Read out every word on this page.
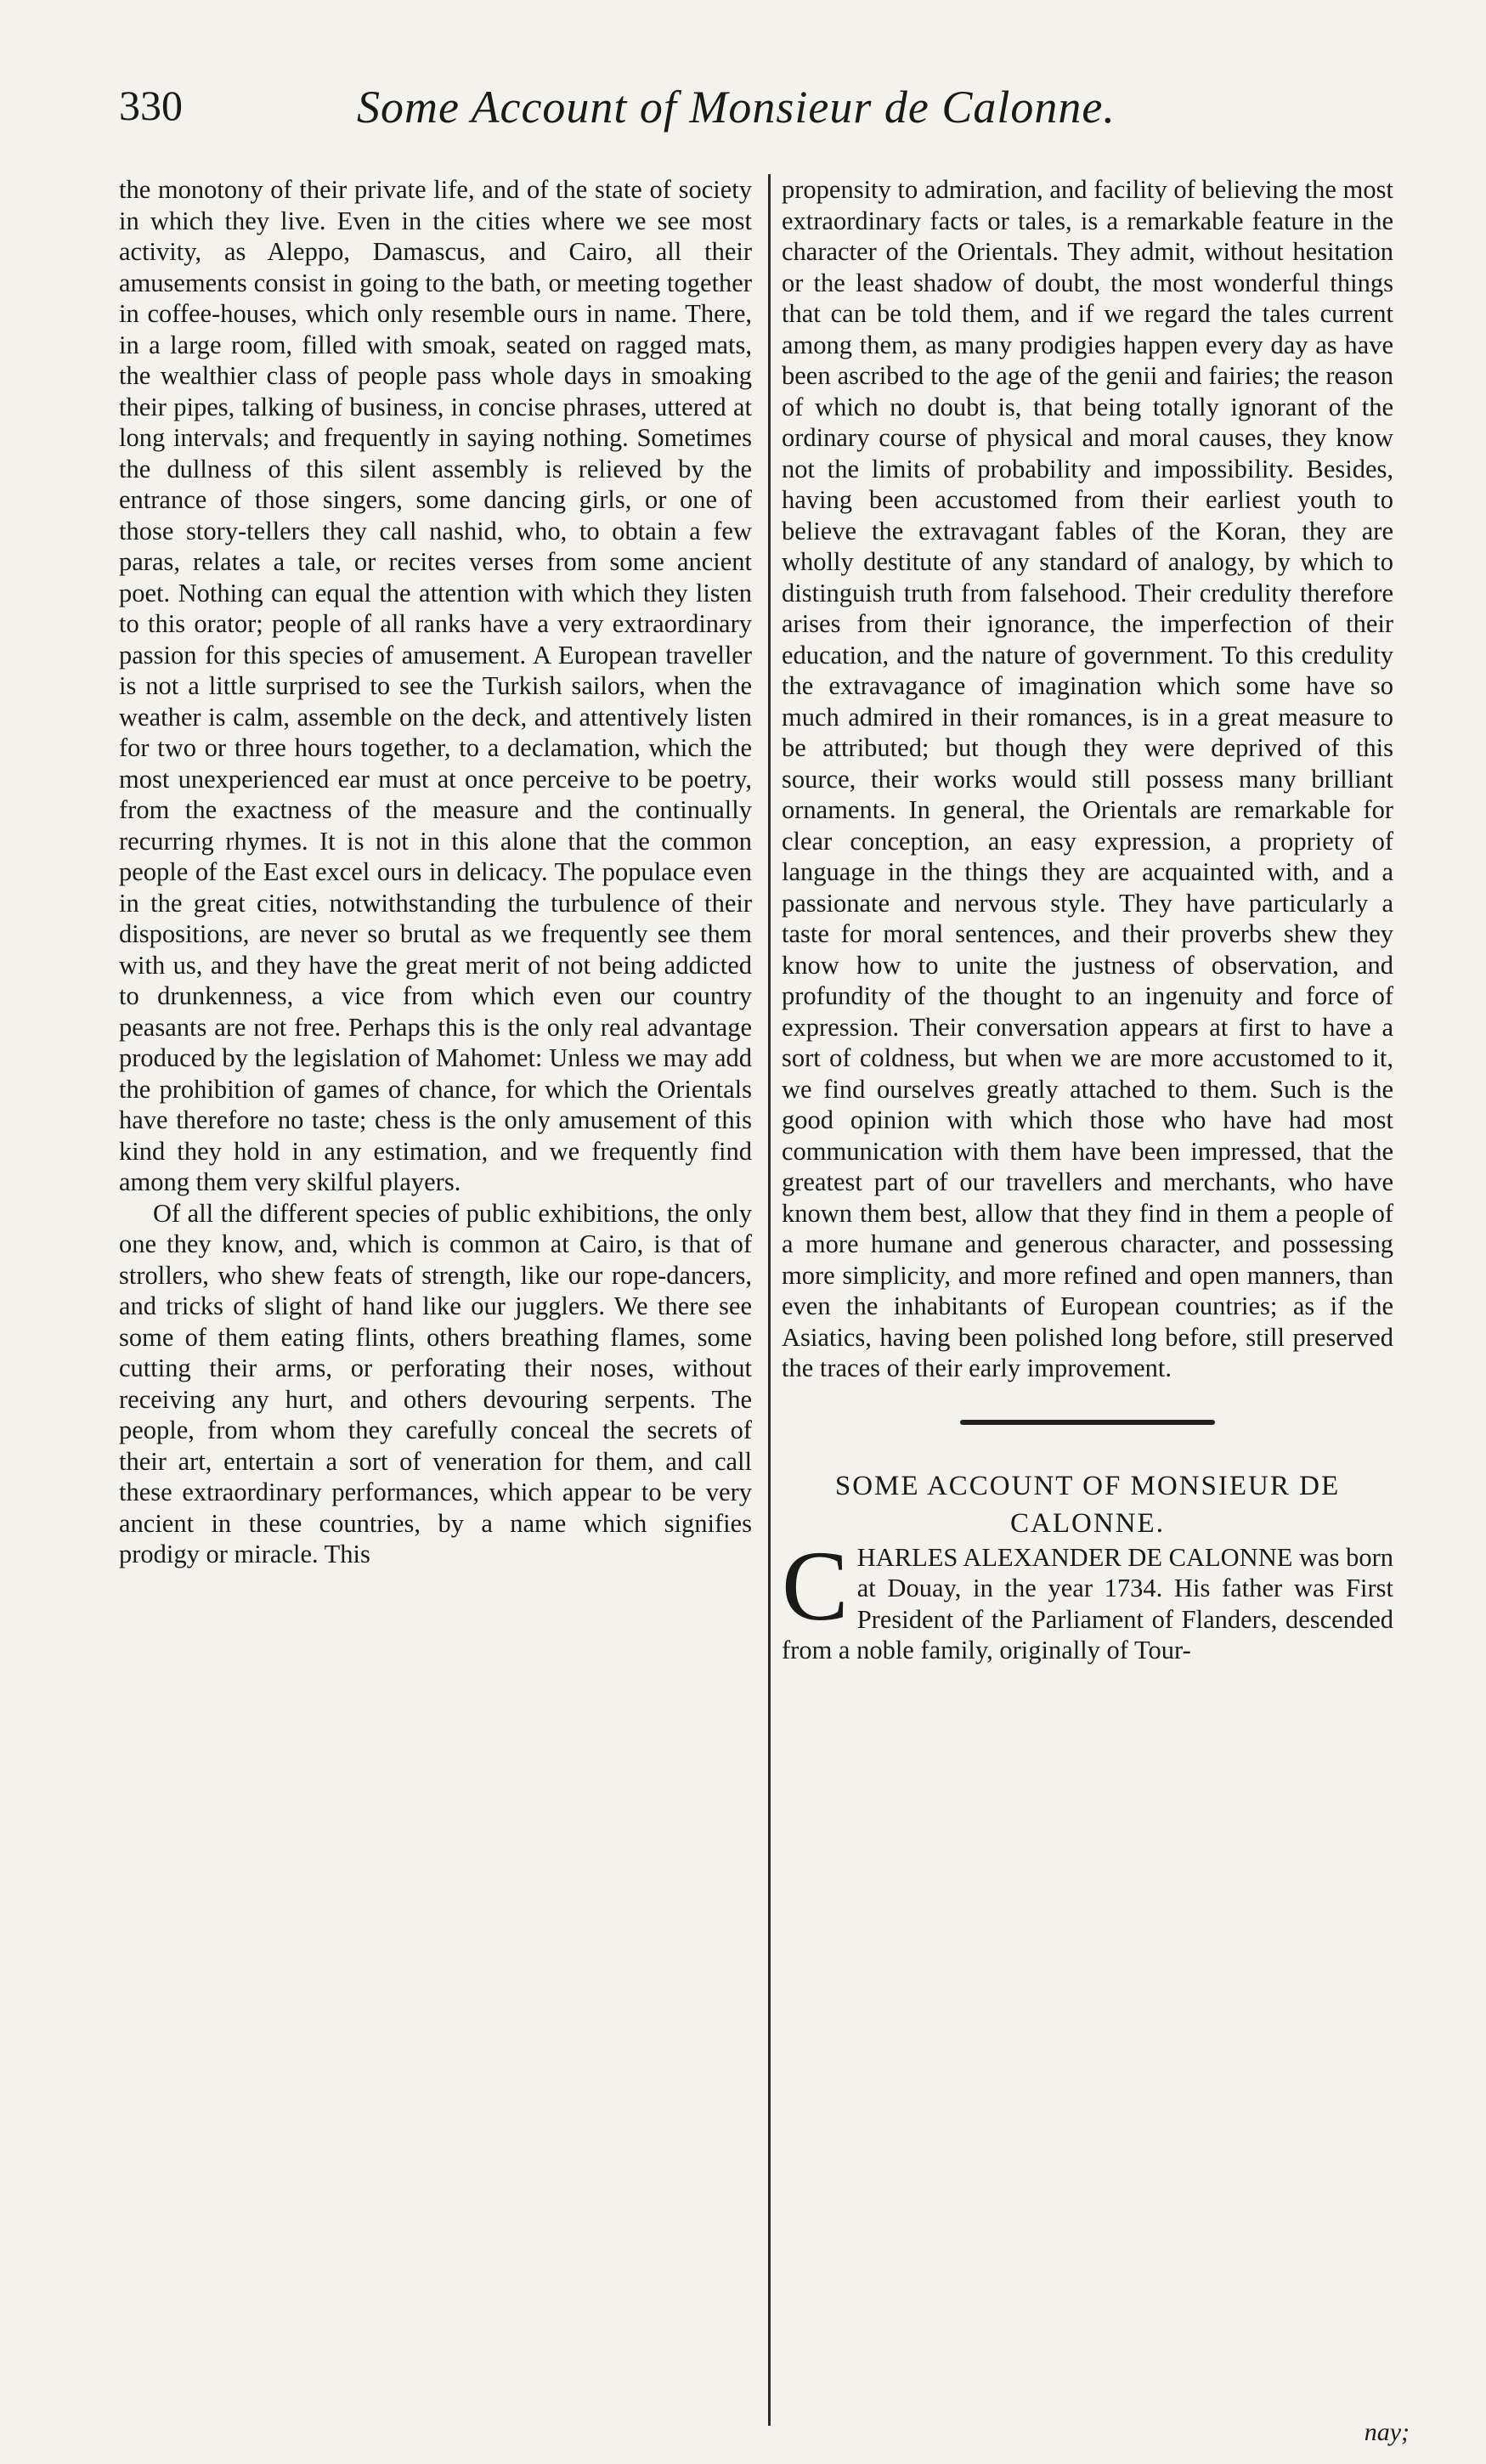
330	Some Account of Monsieur de Calonne.

the monotony of their private life, and of the state of society in which they live. Even in the cities where we see most activity, as Aleppo, Damascus, and Cairo, all their amusements consist in going to the bath, or meeting together in coffee-houses, which only resemble ours in name. There, in a large room, filled with smoak, seated on ragged mats, the wealthier class of people pass whole days in smoaking their pipes, talking of business, in concise phrases, uttered at long intervals; and frequently in saying nothing. Sometimes the dullness of this silent assembly is relieved by the entrance of those singers, some dancing girls, or one of those story-tellers they call nashid, who, to obtain a few paras, relates a tale, or recites verses from some ancient poet. Nothing can equal the attention with which they listen to this orator; people of all ranks have a very extraordinary passion for this species of amusement. A European traveller is not a little surprised to see the Turkish sailors, when the weather is calm, assemble on the deck, and attentively listen for two or three hours together, to a declamation, which the most unexperienced ear must at once perceive to be poetry, from the exactness of the measure and the continually recurring rhymes. It is not in this alone that the common people of the East excel ours in delicacy. The populace even in the great cities, notwithstanding the turbulence of their dispositions, are never so brutal as we frequently see them with us, and they have the great merit of not being addicted to drunkenness, a vice from which even our country peasants are not free. Perhaps this is the only real advantage produced by the legislation of Mahomet: Unless we may add the prohibition of games of chance, for which the Orientals have therefore no taste; chess is the only amusement of this kind they hold in any estimation, and we frequently find among them very skilful players.

Of all the different species of public exhibitions, the only one they know, and, which is common at Cairo, is that of strollers, who shew feats of strength, like our rope-dancers, and tricks of slight of hand like our jugglers. We there see some of them eating flints, others breathing flames, some cutting their arms, or perforating their noses, without receiving any hurt, and others devouring serpents. The people, from whom they carefully conceal the secrets of their art, entertain a sort of veneration for them, and call these extraordinary performances, which appear to be very ancient in these countries, by a name which signifies prodigy or miracle. This

propensity to admiration, and facility of believing the most extraordinary facts or tales, is a remarkable feature in the character of the Orientals. They admit, without hesitation or the least shadow of doubt, the most wonderful things that can be told them, and if we regard the tales current among them, as many prodigies happen every day as have been ascribed to the age of the genii and fairies; the reason of which no doubt is, that being totally ignorant of the ordinary course of physical and moral causes, they know not the limits of probability and impossibility. Besides, having been accustomed from their earliest youth to believe the extravagant fables of the Koran, they are wholly destitute of any standard of analogy, by which to distinguish truth from falsehood. Their credulity therefore arises from their ignorance, the imperfection of their education, and the nature of government. To this credulity the extravagance of imagination which some have so much admired in their romances, is in a great measure to be attributed; but though they were deprived of this source, their works would still possess many brilliant ornaments. In general, the Orientals are remarkable for clear conception, an easy expression, a propriety of language in the things they are acquainted with, and a passionate and nervous style. They have particularly a taste for moral sentences, and their proverbs shew they know how to unite the justness of observation, and profundity of the thought to an ingenuity and force of expression. Their conversation appears at first to have a sort of coldness, but when we are more accustomed to it, we find ourselves greatly attached to them. Such is the good opinion with which those who have had most communication with them have been impressed, that the greatest part of our travellers and merchants, who have known them best, allow that they find in them a people of a more humane and generous character, and possessing more simplicity, and more refined and open manners, than even the inhabitants of European countries; as if the Asiatics, having been polished long before, still preserved the traces of their early improvement.

SOME ACCOUNT OF MONSIEUR DE CALONNE.

CHARLES ALEXANDER DE CALONNE was born at Douay, in the year 1734. His father was First President of the Parliament of Flanders, descended from a noble family, originally of Tour-

nay;
